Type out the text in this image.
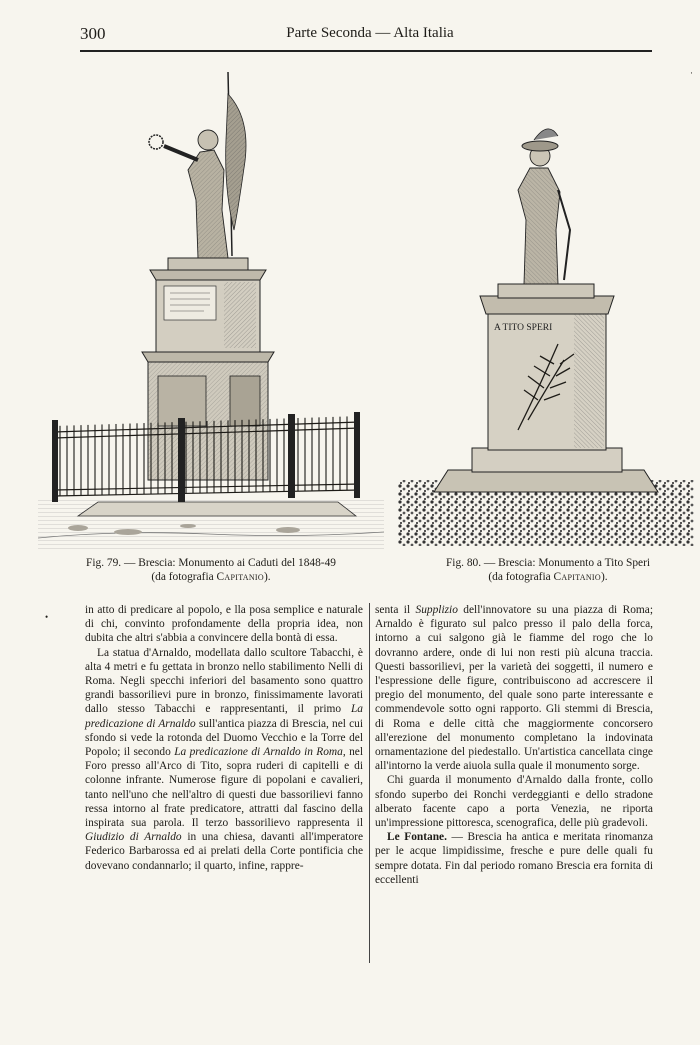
300	Parte Seconda — Alta Italia
·
A TITO SPERI
Fig. 79. — Brescia: Monumento ai Caduti del 1848-49
(da fotografia Capitanio).
Fig. 80. — Brescia: Monumento a Tito Speri
(da fotografia Capitanio).
•

in atto di predicare al popolo, e lla posa semplice e naturale di chi, convinto profondamente della propria idea, non dubita che altri s'abbia a convincere della bontà di essa.

La statua d'Arnaldo, modellata dallo scultore Tabacchi, è alta 4 metri e fu gettata in bronzo nello stabilimento Nelli di Roma. Negli specchi inferiori del basamento sono quattro grandi bassorilievi pure in bronzo, finissimamente lavorati dallo stesso Tabacchi e rappresentanti, il primo La predicazione di Arnaldo sull'antica piazza di Brescia, nel cui sfondo si vede la rotonda del Duomo Vecchio e la Torre del Popolo; il secondo La predicazione di Arnaldo in Roma, nel Foro presso all'Arco di Tito, sopra ruderi di capitelli e di colonne infrante. Numerose figure di popolani e cavalieri, tanto nell'uno che nell'altro di questi due bassorilievi fanno ressa intorno al frate predicatore, attratti dal fascino della inspirata sua parola. Il terzo bassorilievo rappresenta il Giudizio di Arnaldo in una chiesa, davanti all'imperatore Federico Barbarossa ed ai prelati della Corte pontificia che dovevano condannarlo; il quarto, infine, rappre-

senta il Supplizio dell'innovatore su una piazza di Roma; Arnaldo è figurato sul palco presso il palo della forca, intorno a cui salgono già le fiamme del rogo che lo dovranno ardere, onde di lui non resti più alcuna traccia. Questi bassorilievi, per la varietà dei soggetti, il numero e l'espressione delle figure, contribuiscono ad accrescere il pregio del monumento, del quale sono parte interessante e commendevole sotto ogni rapporto. Gli stemmi di Brescia, di Roma e delle città che maggiormente concorsero all'erezione del monumento completano la indovinata ornamentazione del piedestallo. Un'artistica cancellata cinge all'intorno la verde aiuola sulla quale il monumento sorge.

Chi guarda il monumento d'Arnaldo dalla fronte, collo sfondo superbo dei Ronchi verdeggianti e dello stradone alberato facente capo a porta Venezia, ne riporta un'impressione pittoresca, scenografica, delle più gradevoli.

Le Fontane. — Brescia ha antica e meritata rinomanza per le acque limpidissime, fresche e pure delle quali fu sempre dotata. Fin dal periodo romano Brescia era fornita di eccellenti
